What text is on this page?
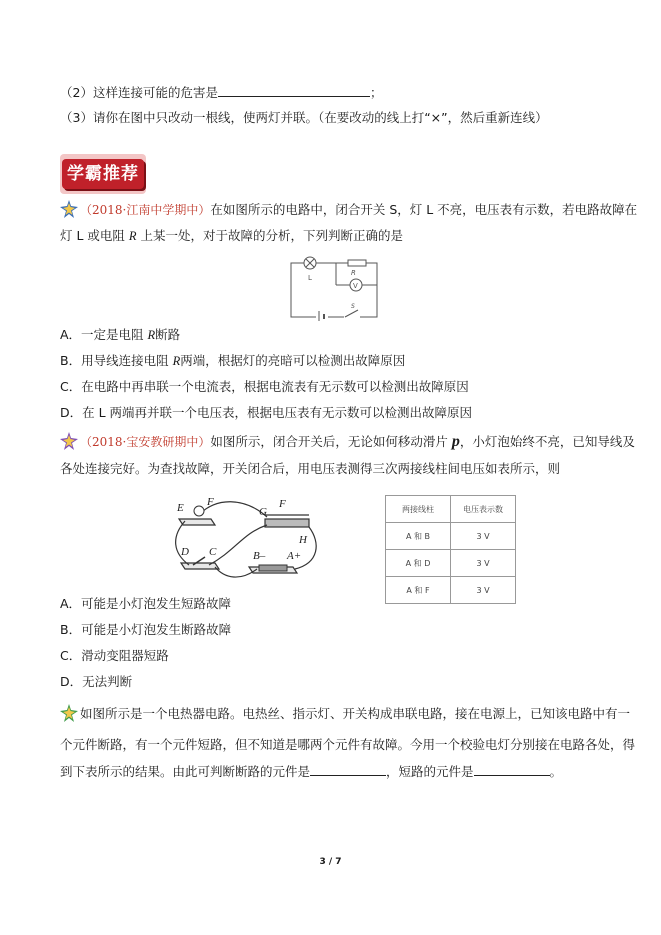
（2）这样连接可能的危害是	；
（3）请你在图中只改动一根线，使两灯并联。（在要改动的线上打“×”，然后重新连线）
学霸推荐
（2018·江南中学期中）在如图所示的电路中，闭合开关 S，灯 L 不亮，电压表有示数，若电路故障在
灯 L 或电阻 R 上某一处，对于故障的分析，下列判断正确的是
L
R
V
S
A．一定是电阻 R断路
B．用导线连接电阻 R两端，根据灯的亮暗可以检测出故障原因
C．在电路中再串联一个电流表，根据电流表有无示数可以检测出故障原因
D．在 L 两端再并联一个电压表，根据电压表有无示数可以检测出故障原因
（2018·宝安教研期中）如图所示，闭合开关后，无论如何移动滑片 p，小灯泡始终不亮，已知导线及
各处连接完好。为查找故障，开关闭合后，用电压表测得三次两接线柱间电压如表所示，则
E F
G
F
H
D C	B– A+
两接线柱	电压表示数
A 和 B	3 V
A 和 D	3 V
A 和 F	3 V
A．可能是小灯泡发生短路故障
B．可能是小灯泡发生断路故障
C．滑动变阻器短路
D．无法判断
如图所示是一个电热器电路。电热丝、指示灯、开关构成串联电路，接在电源上，已知该电路中有一
个元件断路，有一个元件短路，但不知道是哪两个元件有故障。今用一个校验电灯分别接在电路各处，得
到下表所示的结果。由此可判断断路的元件是	，短路的元件是	。
3 / 7
